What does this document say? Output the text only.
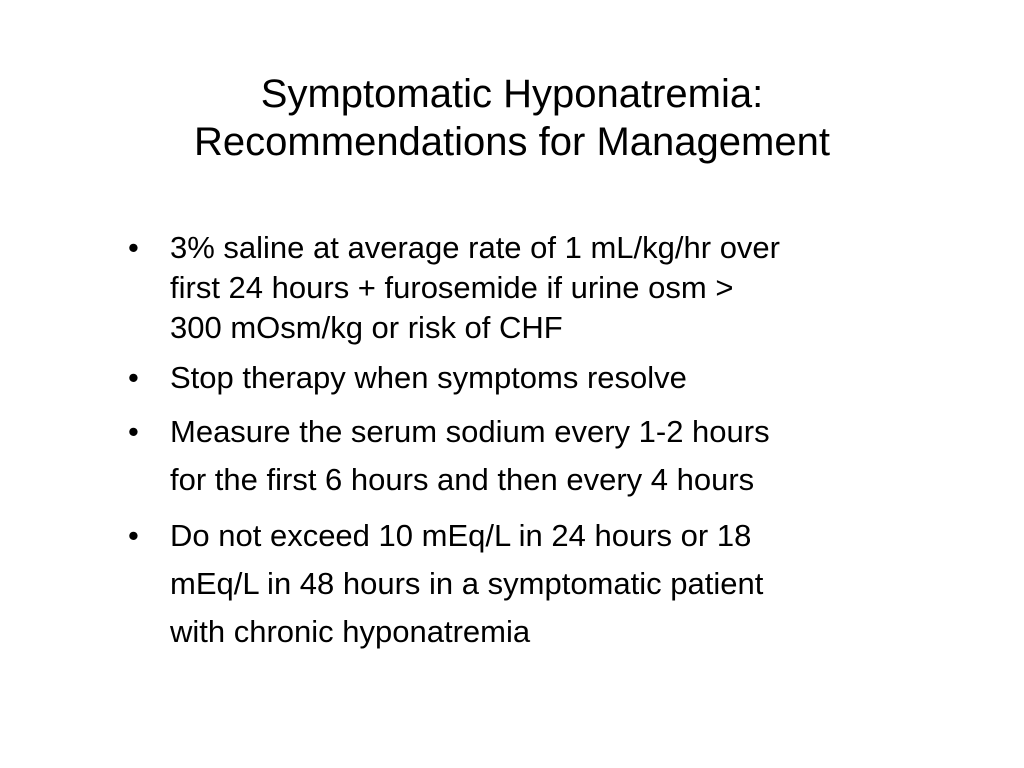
Symptomatic Hyponatremia:
Recommendations for Management
• 3% saline at average rate of 1 mL/kg/hr over
first 24 hours + furosemide if urine osm >
300 mOsm/kg or risk of CHF
• Stop therapy when symptoms resolve
• Measure the serum sodium every 1-2 hours
for the first 6 hours and then every 4 hours
• Do not exceed 10 mEq/L in 24 hours or 18
mEq/L in 48 hours in a symptomatic patient
with chronic hyponatremia
